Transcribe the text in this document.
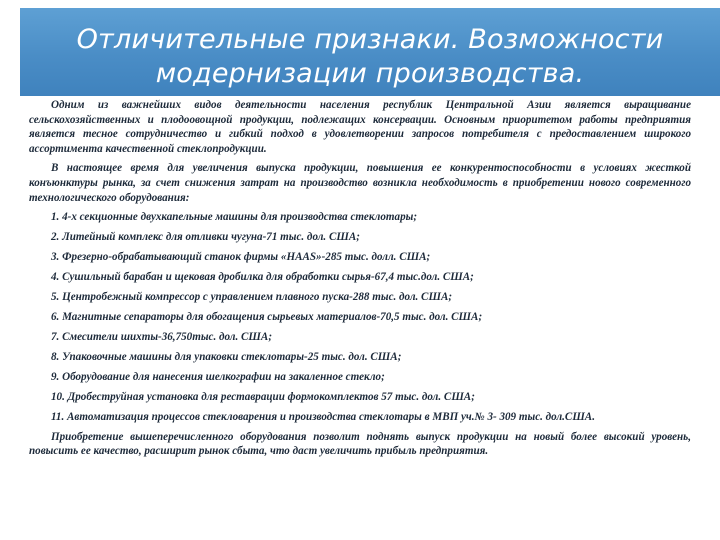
Отличительные признаки. Возможности
модернизации производства.

Одним из важнейших видов деятельности населения республик Центральной Азии является выращивание сельскохозяйственных и плодоовощной продукции, подлежащих консервации. Основным приоритетом работы предприятия является тесное сотрудничество и гибкий подход в удовлетворении запросов потребителя с предоставлением широкого ассортимента качественной стеклопродукции.

В настоящее время для увеличения выпуска продукции, повышения ее конкурентоспособности в условиях жесткой конъюнктуры рынка, за счет снижения затрат на производство возникла необходимость в приобретении нового современного технологического оборудования:

1. 4-х секционные двухкапельные машины для производства стеклотары;
2. Литейный комплекс для отливки чугуна-71 тыс. дол. США;
3. Фрезерно-обрабатывающий станок фирмы «HAAS»-285 тыс. долл. США;
4. Сушильный барабан и щековая дробилка для обработки сырья-67,4 тыс.дол. США;
5. Центробежный компрессор с управлением плавного пуска-288 тыс. дол. США;
6. Магнитные сепараторы для обогащения сырьевых материалов-70,5 тыс. дол. США;
7. Смесители шихты-36,750тыс. дол. США;
8. Упаковочные машины для упаковки стеклотары-25 тыс. дол. США;
9. Оборудование для нанесения шелкографии на закаленное стекло;
10. Дробеструйная установка для реставрации формокомплектов 57 тыс. дол. США;
11. Автоматизация процессов стекловарения и производства стеклотары в МВП уч.№ 3- 309 тыс. дол.США.

Приобретение вышеперечисленного оборудования позволит поднять выпуск продукции на новый более высокий уровень, повысить ее качество, расширит рынок сбыта, что даст увеличить прибыль предприятия.
